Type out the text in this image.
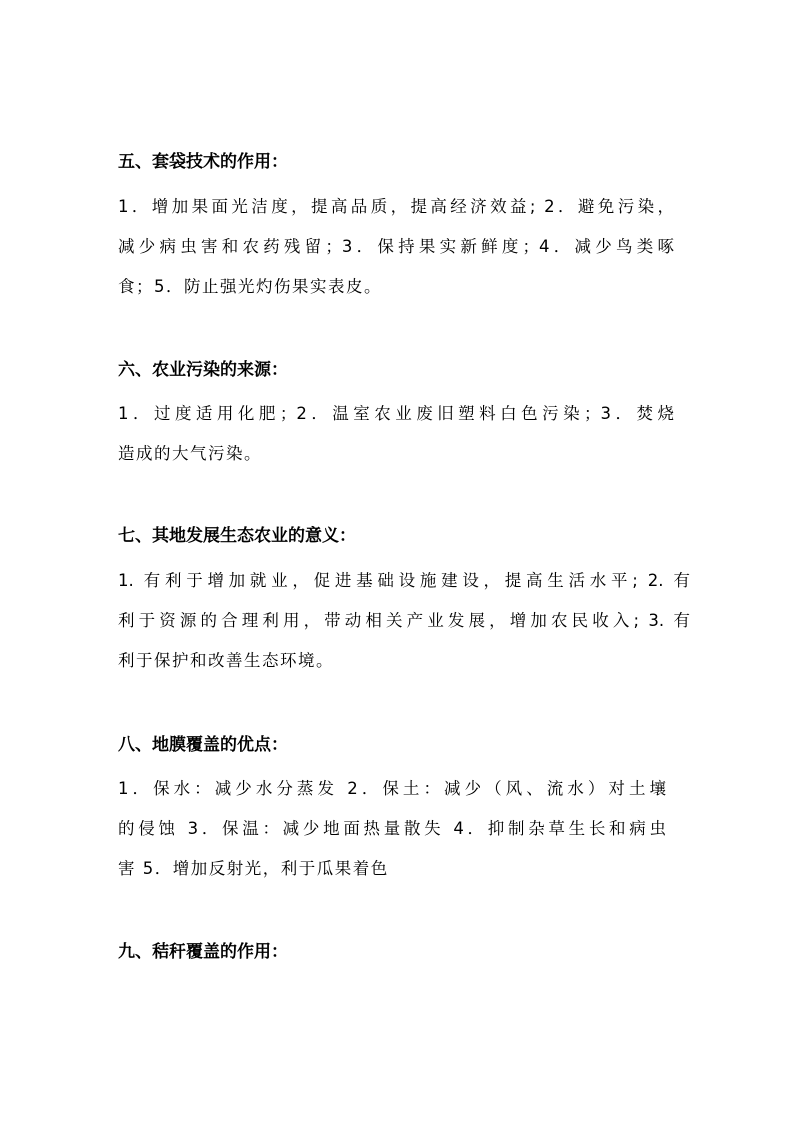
五、套袋技术的作用：
1．增加果面光洁度，提高品质，提高经济效益; 2．避免污染，
减少病虫害和农药残留；3．保持果实新鲜度；4．减少鸟类啄
食；5．防止强光灼伤果实表皮。
六、农业污染的来源：
1．过度适用化肥；2．温室农业废旧塑料白色污染；3．焚烧
造成的大气污染。
七、其地发展生态农业的意义：
1. 有利于增加就业，促进基础设施建设，提高生活水平; 2. 有
利于资源的合理利用，带动相关产业发展，增加农民收入; 3. 有
利于保护和改善生态环境。
八、地膜覆盖的优点：
1．保水：减少水分蒸发 2．保土：减少（风、流水）对土壤
的侵蚀 3．保温：减少地面热量散失 4．抑制杂草生长和病虫
害 5．增加反射光，利于瓜果着色
九、秸秆覆盖的作用：
